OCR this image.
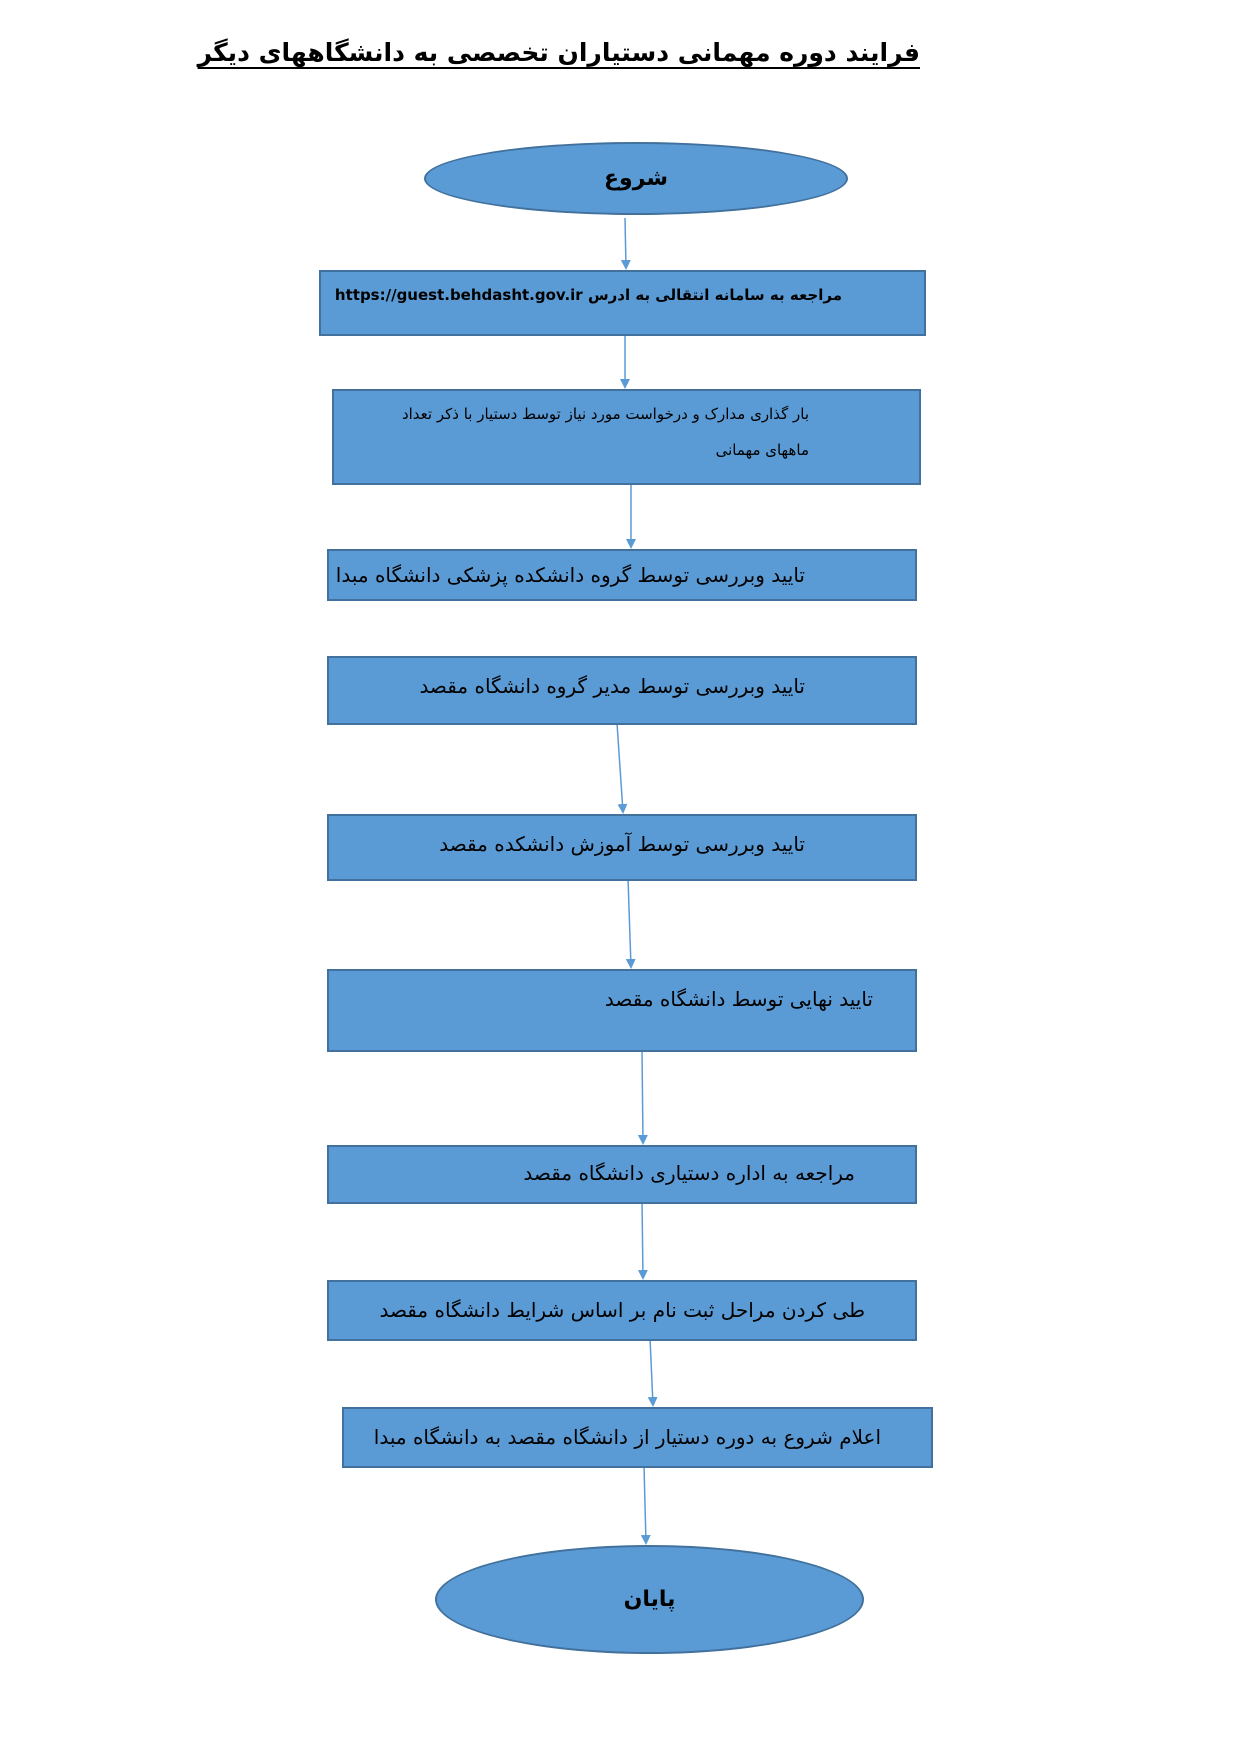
فرایند دوره مهمانی دستیاران تخصصی به دانشگاههای دیگر
شروع
مراجعه به سامانه انتقالی به ادرس https://guest.behdasht.gov.ir
بار گذاری مدارک و درخواست مورد نیاز توسط دستیار با ذکر تعداد
ماههای مهمانی
تایید وبررسی توسط گروه دانشکده پزشکی دانشگاه مبدا
تایید وبررسی توسط مدیر گروه دانشگاه مقصد
تایید وبررسی توسط آموزش دانشکده مقصد
تایید نهایی توسط دانشگاه مقصد
مراجعه به اداره دستیاری دانشگاه مقصد
طی کردن مراحل ثبت نام بر اساس شرایط دانشگاه مقصد
اعلام شروع به دوره دستیار از دانشگاه مقصد به دانشگاه مبدا
پایان
